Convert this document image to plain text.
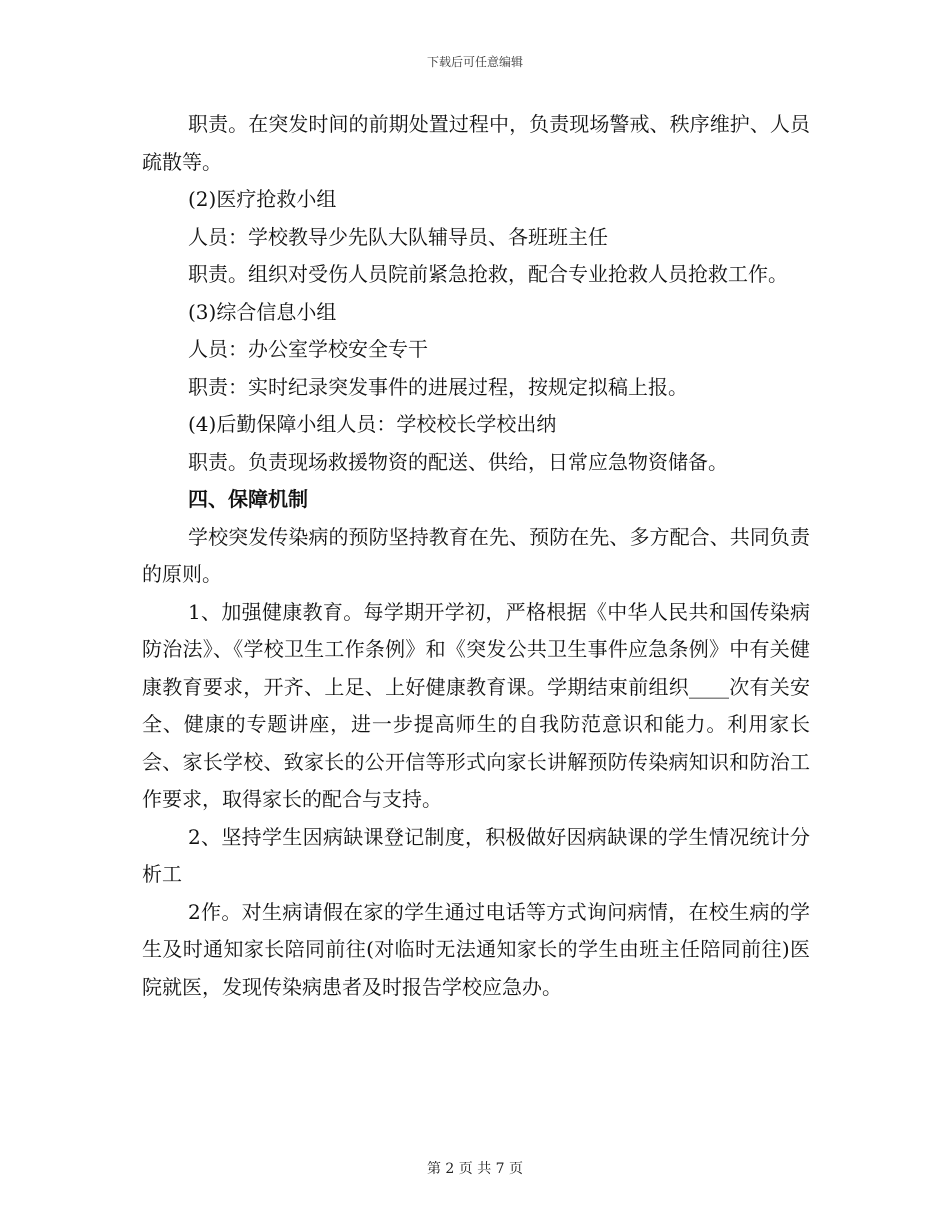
下载后可任意编辑

职责。在突发时间的前期处置过程中，负责现场警戒、秩序维护、人员疏散等。

(2)医疗抢救小组

人员：学校教导少先队大队辅导员、各班班主任

职责。组织对受伤人员院前紧急抢救，配合专业抢救人员抢救工作。

(3)综合信息小组

人员：办公室学校安全专干

职责：实时纪录突发事件的进展过程，按规定拟稿上报。

(4)后勤保障小组人员：学校校长学校出纳

职责。负责现场救援物资的配送、供给，日常应急物资储备。

四、保障机制

学校突发传染病的预防坚持教育在先、预防在先、多方配合、共同负责的原则。

1、加强健康教育。每学期开学初，严格根据《中华人民共和国传染病防治法》、《学校卫生工作条例》和《突发公共卫生事件应急条例》中有关健康教育要求，开齐、上足、上好健康教育课。学期结束前组织____次有关安全、健康的专题讲座，进一步提高师生的自我防范意识和能力。利用家长会、家长学校、致家长的公开信等形式向家长讲解预防传染病知识和防治工作要求，取得家长的配合与支持。

2、坚持学生因病缺课登记制度，积极做好因病缺课的学生情况统计分析工

2作。对生病请假在家的学生通过电话等方式询问病情，在校生病的学生及时通知家长陪同前往(对临时无法通知家长的学生由班主任陪同前往)医院就医，发现传染病患者及时报告学校应急办。

第 2 页 共 7 页
